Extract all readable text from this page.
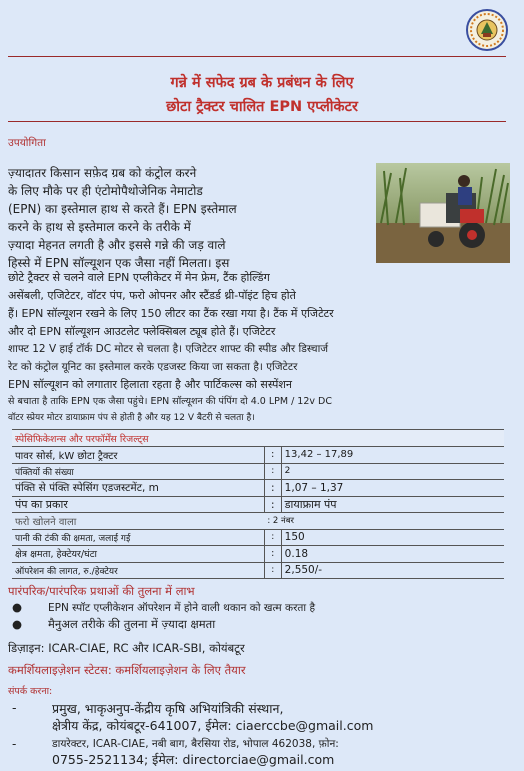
गन्ने में सफेद ग्रब के प्रबंधन के लिए
छोटा ट्रैक्टर चालित EPN एप्लीकेटर
उपयोगिता

ज़्यादातर किसान सफ़ेद ग्रब को कंट्रोल करने

के लिए मौके पर ही एंटोमोपैथोजेनिक नेमाटोड

(EPN) का इस्तेमाल हाथ से करते हैं। EPN इस्तेमाल

करने के हाथ से इस्तेमाल करने के तरीके में

ज़्यादा मेहनत लगती है और इससे गन्ने की जड़ वाले

हिस्से में EPN सॉल्यूशन एक जैसा नहीं मिलता। इस

छोटे ट्रैक्टर से चलने वाले EPN एप्लीकेटर में मेन फ्रेम, टैंक होल्डिंग

असेंबली, एजिटेटर, वॉटर पंप, फरो ओपनर और स्टैंडर्ड थ्री-पॉइंट हिच होते

हैं। EPN सॉल्यूशन रखने के लिए 150 लीटर का टैंक रखा गया है। टैंक में एजिटेटर

और दो EPN सॉल्यूशन आउटलेट फ्लेक्सिबल ट्यूब होते हैं। एजिटेटर

शाफ्ट 12 V हाई टॉर्क DC मोटर से चलता है। एजिटेटर शाफ्ट की स्पीड और डिस्चार्ज

रेट को कंट्रोल यूनिट का इस्तेमाल करके एडजस्ट किया जा सकता है। एजिटेटर

EPN सॉल्यूशन को लगातार हिलाता रहता है और पार्टिकल्स को सस्पेंशन

से बचाता है ताकि EPN एक जैसा पहुंचे। EPN सॉल्यूशन की पंपिंग दो 4.0 LPM / 12v DC

वॉटर स्प्रेयर मोटर डायाफ्राम पंप से होती है और यह 12 V बैटरी से चलता है।

स्पेसिफिकेशन्स और परफॉर्मेंस रिजल्ट्स		
पावर सोर्स, kW छोटा ट्रैक्टर	:	13,42 – 17,89
पंक्तियों की संख्या	:	2
पंक्ति से पंक्ति स्पेसिंग एडजस्टमेंट, m	:	1,07 – 1,37
पंप का प्रकार	:	डायाफ्राम पंप
फरो खोलने वाला	: 2 नंबर	
पानी की टंकी की क्षमता, जलाई गई	:	150
क्षेत्र क्षमता, हेक्टेयर/घंटा	:	0.18
ऑपरेशन की लागत, रु./हेक्टेयर	:	2,550/-
पारंपरिक/पारंपरिक प्रथाओं की तुलना में लाभ
● EPN स्पॉट एप्लीकेशन ऑपरेशन में होने वाली थकान को खत्म करता है
● मैनुअल तरीके की तुलना में ज़्यादा क्षमता
डिज़ाइन: ICAR-CIAE, RC और ICAR-SBI, कोयंबटूर
कमर्शियलाइज़ेशन स्टेटस: कमर्शियलाइज़ेशन के लिए तैयार
संपर्क करना:
-	प्रमुख, भाकृअनुप-केंद्रीय कृषि अभियांत्रिकी संस्थान,
क्षेत्रीय केंद्र, कोयंबटूर-641007, ईमेल: ciaerccbe@gmail.com
-	डायरेक्टर, ICAR-CIAE, नबी बाग, बैरसिया रोड, भोपाल 462038, फ़ोन:
0755-2521134; ईमेल: directorciae@gmail.com
